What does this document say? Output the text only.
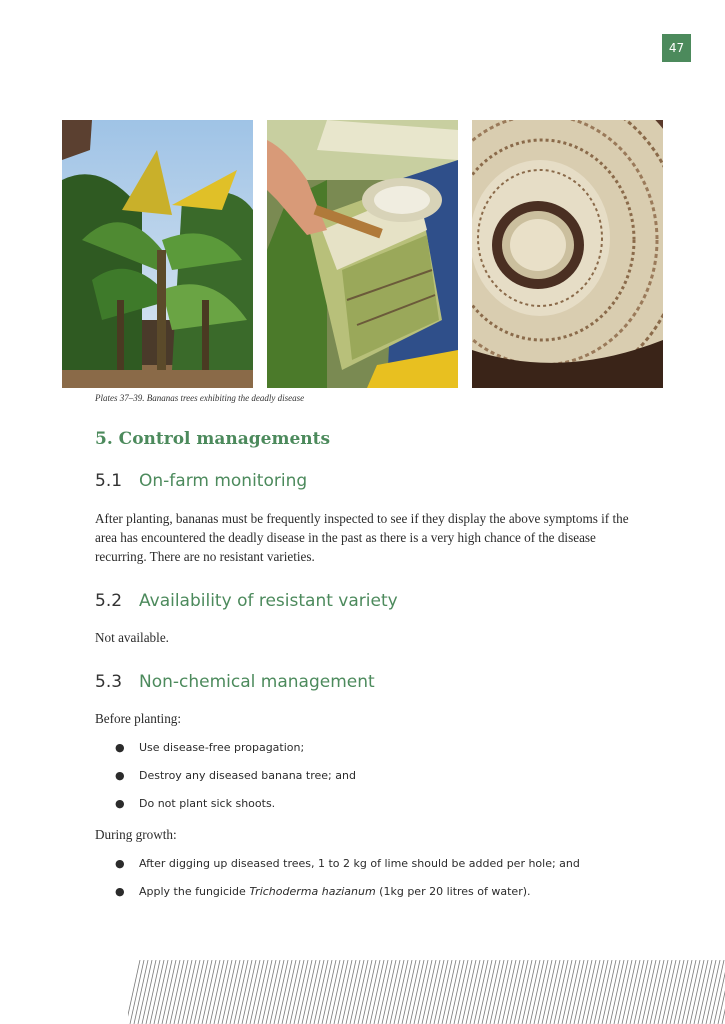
47
Plates 37–39. Bananas trees exhibiting the deadly disease
5. Control managements
5.1 On-farm monitoring

After planting, bananas must be frequently inspected to see if they display the above symptoms if the area has encountered the deadly disease in the past as there is a very high chance of the disease recurring. There are no resistant varieties.

5.2 Availability of resistant variety

Not available.

5.3 Non-chemical management

Before planting:

● Use disease-free propagation;
● Destroy any diseased banana tree; and
● Do not plant sick shoots.

During growth:

● After digging up diseased trees, 1 to 2 kg of lime should be added per hole; and
● Apply the fungicide Trichoderma hazianum (1kg per 20 litres of water).
